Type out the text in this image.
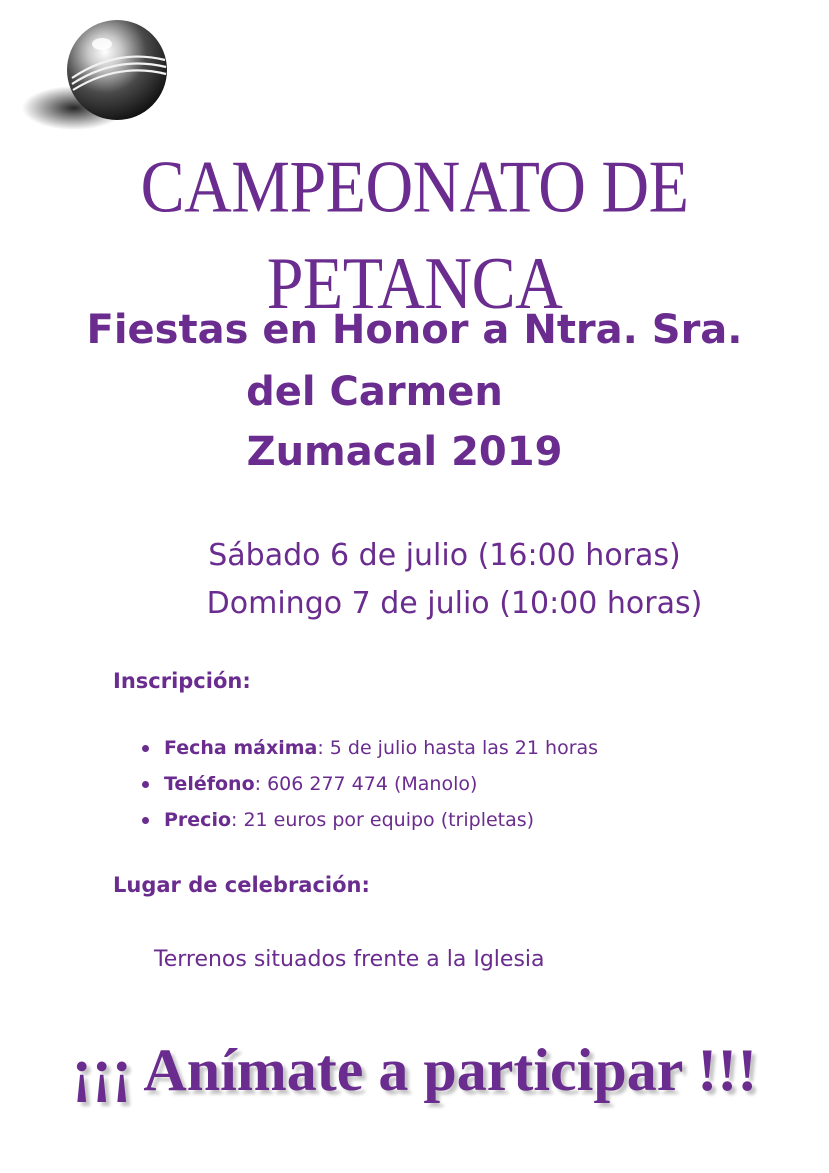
CAMPEONATO DE PETANCA
Fiestas en Honor a Ntra. Sra.
del Carmen
Zumacal 2019
Sábado 6 de julio (16:00 horas)
Domingo 7 de julio (10:00 horas)
Inscripción:
Fecha máxima: 5 de julio hasta las 21 horas
Teléfono: 606 277 474 (Manolo)
Precio: 21 euros por equipo (tripletas)
Lugar de celebración:
Terrenos situados frente a la Iglesia
¡¡¡ Anímate a participar !!!
